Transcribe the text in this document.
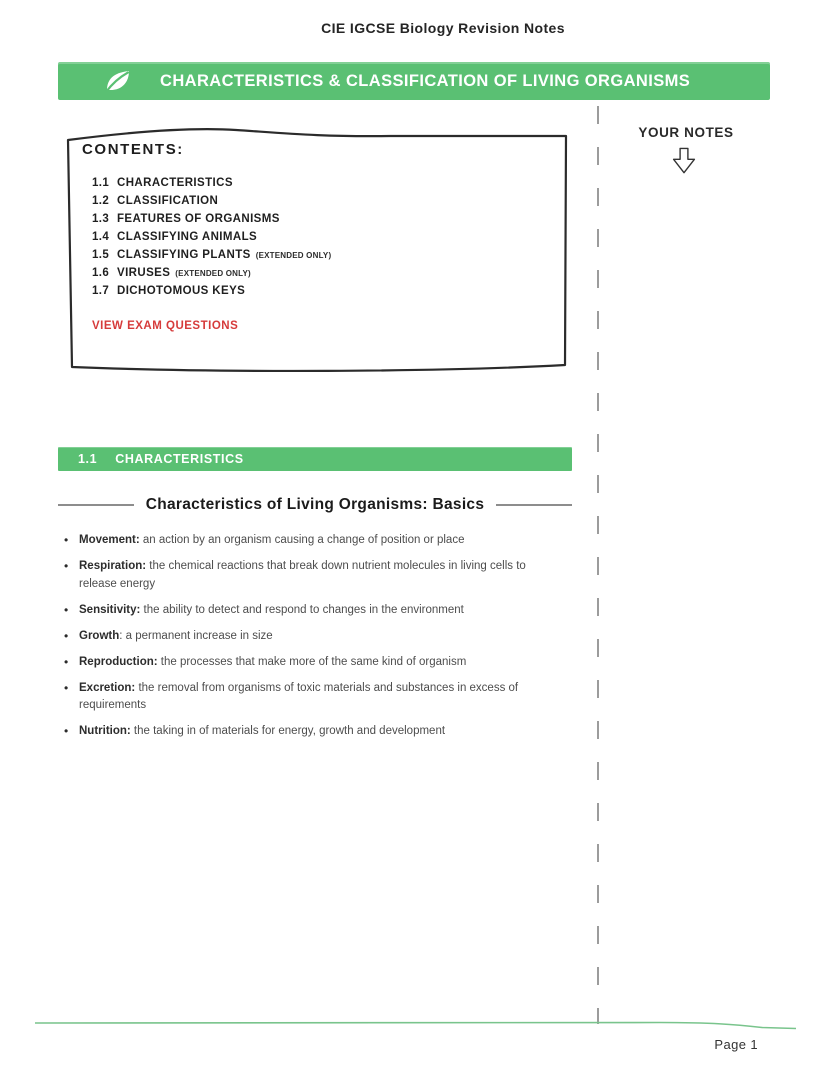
CIE IGCSE Biology Revision Notes
CHARACTERISTICS & CLASSIFICATION OF LIVING ORGANISMS
YOUR NOTES
CONTENTS:
1.1 CHARACTERISTICS
1.2 CLASSIFICATION
1.3 FEATURES OF ORGANISMS
1.4 CLASSIFYING ANIMALS
1.5 CLASSIFYING PLANTS (EXTENDED ONLY)
1.6 VIRUSES (EXTENDED ONLY)
1.7 DICHOTOMOUS KEYS
VIEW EXAM QUESTIONS
1.1 CHARACTERISTICS
Characteristics of Living Organisms: Basics
• Movement: an action by an organism causing a change of position or place
• Respiration: the chemical reactions that break down nutrient molecules in living cells to release energy
• Sensitivity: the ability to detect and respond to changes in the environment
• Growth: a permanent increase in size
• Reproduction: the processes that make more of the same kind of organism
• Excretion: the removal from organisms of toxic materials and substances in excess of requirements
• Nutrition: the taking in of materials for energy, growth and development
Page 1
